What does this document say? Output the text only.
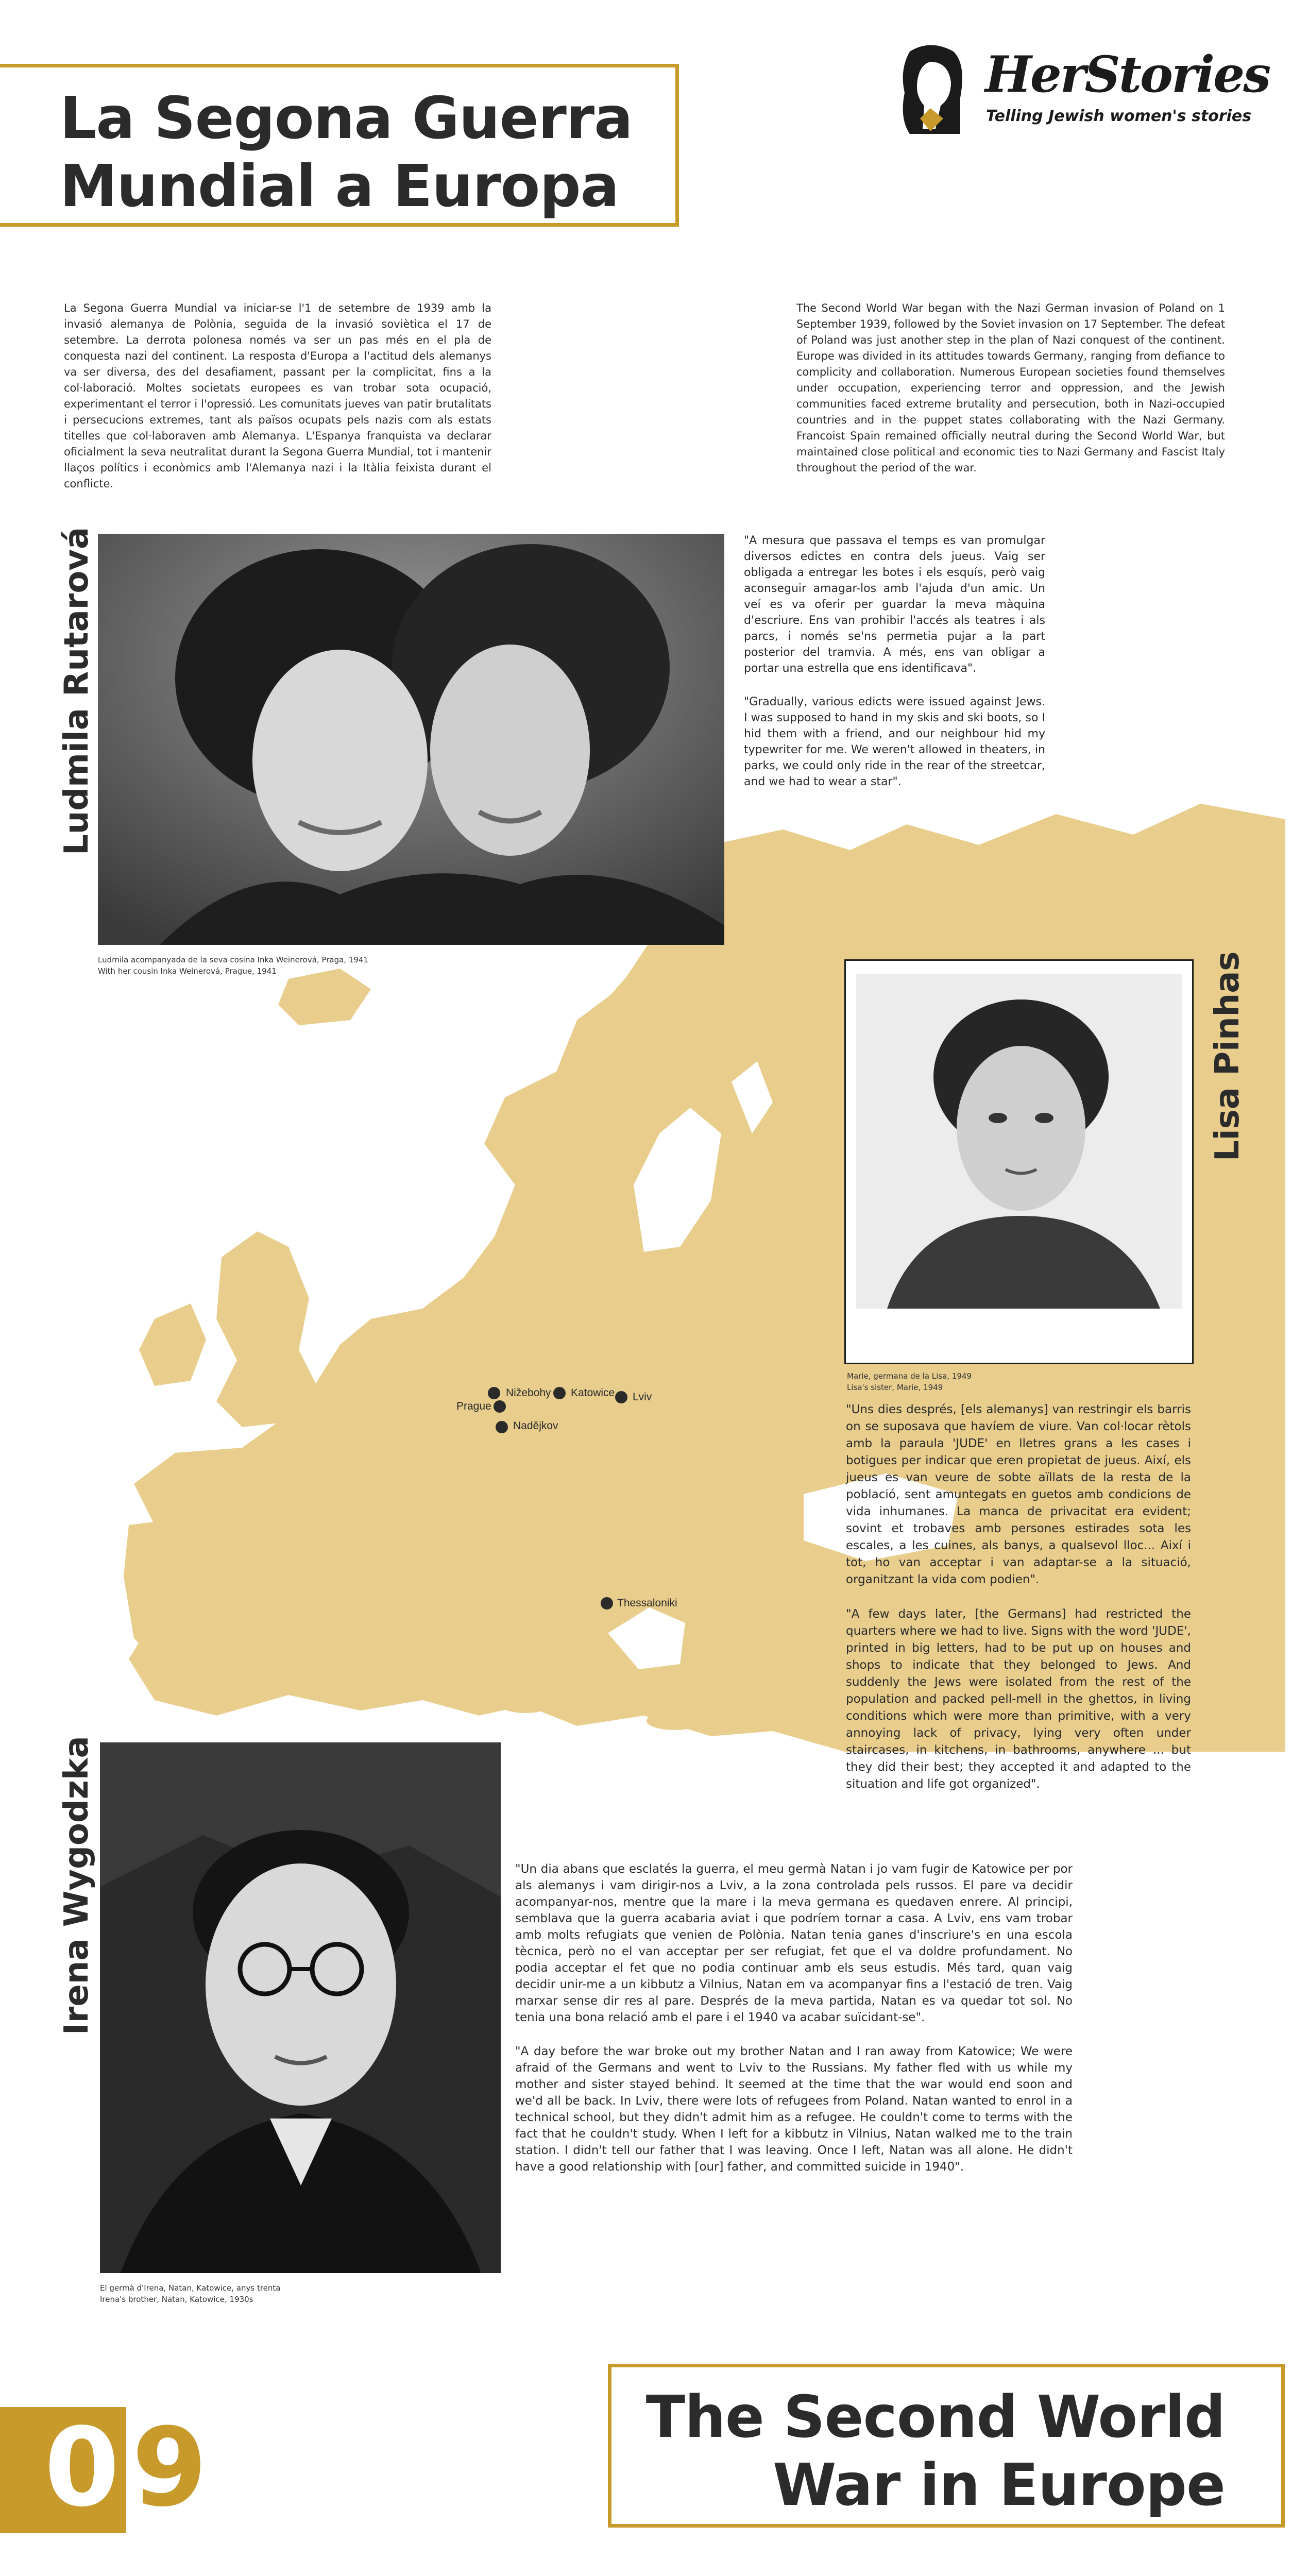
La Segona Guerra
Mundial a Europa
HerStories
Telling Jewish women's stories
La Segona Guerra Mundial va iniciar-se l'1 de setembre de 1939 amb la invasió alemanya de Polònia, seguida de la invasió soviètica el 17 de setembre. La derrota polonesa només va ser un pas més en el pla de conquesta nazi del continent. La resposta d'Europa a l'actitud dels alemanys va ser diversa, des del desafiament, passant per la complicitat, fins a la col·laboració. Moltes societats europees es van trobar sota ocupació, experimentant el terror i l'opressió. Les comunitats jueves van patir brutalitats i persecucions extremes, tant als països ocupats pels nazis com als estats titelles que col·laboraven amb Alemanya. L'Espanya franquista va declarar oficialment la seva neutralitat durant la Segona Guerra Mundial, tot i mantenir llaços polítics i econòmics amb l'Alemanya nazi i la Itàlia feixista durant el conflicte.
The Second World War began with the Nazi German invasion of Poland on 1 September 1939, followed by the Soviet invasion on 17 September. The defeat of Poland was just another step in the plan of Nazi conquest of the continent. Europe was divided in its attitudes towards Germany, ranging from defiance to complicity and collaboration. Numerous European societies found themselves under occupation, experiencing terror and oppression, and the Jewish communities faced extreme brutality and persecution, both in Nazi-occupied countries and in the puppet states collaborating with the Nazi Germany. Francoist Spain remained officially neutral during the Second World War, but maintained close political and economic ties to Nazi Germany and Fascist Italy throughout the period of the war.
Ludmila Rutarová
Ludmila acompanyada de la seva cosina Inka Weinerová, Praga, 1941
With her cousin Inka Weinerová, Prague, 1941
"A mesura que passava el temps es van promulgar diversos edictes en contra dels jueus. Vaig ser obligada a entregar les botes i els esquís, però vaig aconseguir amagar-los amb l'ajuda d'un amic. Un veí es va oferir per guardar la meva màquina d'escriure. Ens van prohibir l'accés als teatres i als parcs, i només se'ns permetia pujar a la part posterior del tramvia. A més, ens van obligar a portar una estrella que ens identificava".
"Gradually, various edicts were issued against Jews. I was supposed to hand in my skis and ski boots, so I hid them with a friend, and our neighbour hid my typewriter for me. We weren't allowed in theaters, in parks, we could only ride in the rear of the streetcar, and we had to wear a star".
Lisa Pinhas
Marie, germana de la Lisa, 1949
Lisa's sister, Marie, 1949
"Uns dies després, [els alemanys] van restringir els barris on se suposava que havíem de viure. Van col·locar rètols amb la paraula 'JUDE' en lletres grans a les cases i botigues per indicar que eren propietat de jueus. Així, els jueus es van veure de sobte aïllats de la resta de la població, sent amuntegats en guetos amb condicions de vida inhumanes. La manca de privacitat era evident; sovint et trobaves amb persones estirades sota les escales, a les cuines, als banys, a qualsevol lloc... Així i tot, ho van acceptar i van adaptar-se a la situació, organitzant la vida com podien".
"A few days later, [the Germans] had restricted the quarters where we had to live. Signs with the word 'JUDE', printed in big letters, had to be put up on houses and shops to indicate that they belonged to Jews. And suddenly the Jews were isolated from the rest of the population and packed pell-mell in the ghettos, in living conditions which were more than primitive, with a very annoying lack of privacy, lying very often under staircases, in kitchens, in bathrooms, anywhere ... but they did their best; they accepted it and adapted to the situation and life got organized".
Nižebohy Katowice Lviv
Prague
Nadějkov
Thessaloniki
Irena Wygodzka
El germà d'Irena, Natan, Katowice, anys trenta
Irena's brother, Natan, Katowice, 1930s
"Un dia abans que esclatés la guerra, el meu germà Natan i jo vam fugir de Katowice per por als alemanys i vam dirigir-nos a Lviv, a la zona controlada pels russos. El pare va decidir acompanyar-nos, mentre que la mare i la meva germana es quedaven enrere. Al principi, semblava que la guerra acabaria aviat i que podríem tornar a casa. A Lviv, ens vam trobar amb molts refugiats que venien de Polònia. Natan tenia ganes d'inscriure's en una escola tècnica, però no el van acceptar per ser refugiat, fet que el va doldre profundament. No podia acceptar el fet que no podia continuar amb els seus estudis. Més tard, quan vaig decidir unir-me a un kibbutz a Vilnius, Natan em va acompanyar fins a l'estació de tren. Vaig marxar sense dir res al pare. Després de la meva partida, Natan es va quedar tot sol. No tenia una bona relació amb el pare i el 1940 va acabar suïcidant-se".
"A day before the war broke out my brother Natan and I ran away from Katowice; We were afraid of the Germans and went to Lviv to the Russians. My father fled with us while my mother and sister stayed behind. It seemed at the time that the war would end soon and we'd all be back. In Lviv, there were lots of refugees from Poland. Natan wanted to enrol in a technical school, but they didn't admit him as a refugee. He couldn't come to terms with the fact that he couldn't study. When I left for a kibbutz in Vilnius, Natan walked me to the train station. I didn't tell our father that I was leaving. Once I left, Natan was all alone. He didn't have a good relationship with [our] father, and committed suicide in 1940".
The Second World
War in Europe
0 9
